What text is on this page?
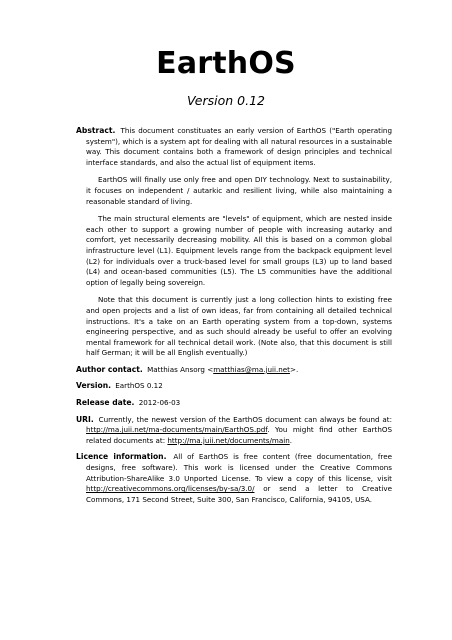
EarthOS
Version 0.12

Abstract. This document constituates an early version of EarthOS ("Earth operating system"), which is a system apt for dealing with all natural resources in a sustainable way. This document contains both a framework of design principles and technical interface standards, and also the actual list of equipment items.

EarthOS will finally use only free and open DIY technology. Next to sustainability, it focuses on independent / autarkic and resilient living, while also maintaining a reasonable standard of living.

The main structural elements are "levels" of equipment, which are nested inside each other to support a growing number of people with increasing autarky and comfort, yet necessarily decreasing mobility. All this is based on a common global infrastructure level (L1). Equipment levels range from the backpack equipment level (L2) for individuals over a truck-based level for small groups (L3) up to land based (L4) and ocean-based communities (L5). The L5 communities have the additional option of legally being sovereign.

Note that this document is currently just a long collection hints to existing free and open projects and a list of own ideas, far from containing all detailed technical instructions. It's a take on an Earth operating system from a top-down, systems engineering perspective, and as such should already be useful to offer an evolving mental framework for all technical detail work. (Note also, that this document is still half German; it will be all English eventually.)

Author contact. Matthias Ansorg <matthias@ma.juii.net>.

Version. EarthOS 0.12

Release date. 2012-06-03

URI. Currently, the newest version of the EarthOS document can always be found at: http://ma.juii.net/ma-documents/main/EarthOS.pdf. You might find other EarthOS related documents at: http://ma.juii.net/documents/main.

Licence information. All of EarthOS is free content (free documentation, free designs, free software). This work is licensed under the Creative Commons Attribution-ShareAlike 3.0 Unported License. To view a copy of this license, visit http://creativecommons.org/licenses/by-sa/3.0/ or send a letter to Creative Commons, 171 Second Street, Suite 300, San Francisco, California, 94105, USA.
